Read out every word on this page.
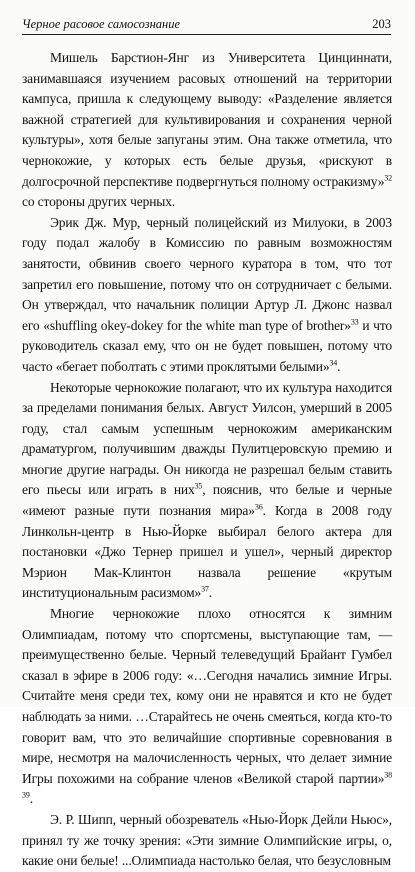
Черное расовое самосознание	203

Мишель Барстион-Янг из Университета Цинциннати, занимавшаяся изучением расовых отношений на территории кампуса, пришла к следующему выводу: «Разделение является важной стратегией для культивирования и сохранения черной культуры», хотя белые запуганы этим. Она также отметила, что чернокожие, у которых есть белые друзья, «рискуют в долгосрочной перспективе подвергнуться полному остракизму»$^{32}$ со стороны других черных.

Эрик Дж. Мур, черный полицейский из Милуоки, в 2003 году подал жалобу в Комиссию по равным возможностям занятости, обвинив своего черного куратора в том, что тот запретил его повышение, потому что он сотрудничает с белыми. Он утверждал, что начальник полиции Артур Л. Джонс назвал его «shuffling okey-dokey for the white man type of brother»$^{33}$ и что руководитель сказал ему, что он не будет повышен, потому что часто «бегает поболтать с этими проклятыми белыми»$^{34}$.

Некоторые чернокожие полагают, что их культура находится за пределами понимания белых. Август Уилсон, умерший в 2005 году, стал самым успешным чернокожим американским драматургом, получившим дважды Пулитцеровскую премию и многие другие награды. Он никогда не разрешал белым ставить его пьесы или играть в них$^{35}$, пояснив, что белые и черные «имеют разные пути познания мира»$^{36}$. Когда в 2008 году Линкольн-центр в Нью-Йорке выбирал белого актера для постановки «Джо Тернер пришел и ушел», черный директор Мэрион Мак-Клинтон назвала решение «крутым институциональным расизмом»$^{37}$.

Многие чернокожие плохо относятся к зимним Олимпиадам, потому что спортсмены, выступающие там, — преимущественно белые. Черный телеведущий Брайант Гумбел сказал в эфире в 2006 году: «…Сегодня начались зимние Игры. Считайте меня среди тех, кому они не нравятся и кто не будет наблюдать за ними. …Старайтесь не очень смеяться, когда кто-то говорит вам, что это величайшие спортивные соревнования в мире, несмотря на малочисленность черных, что делает зимние Игры похожими на собрание членов «Великой старой партии»$^{38 39}$.

Э. Р. Шипп, черный обозреватель «Нью-Йорк Дейли Ньюс», принял ту же точку зрения: «Эти зимние Олимпийские игры, о, какие они белые! ...Олимпиада настолько белая, что безусловным
